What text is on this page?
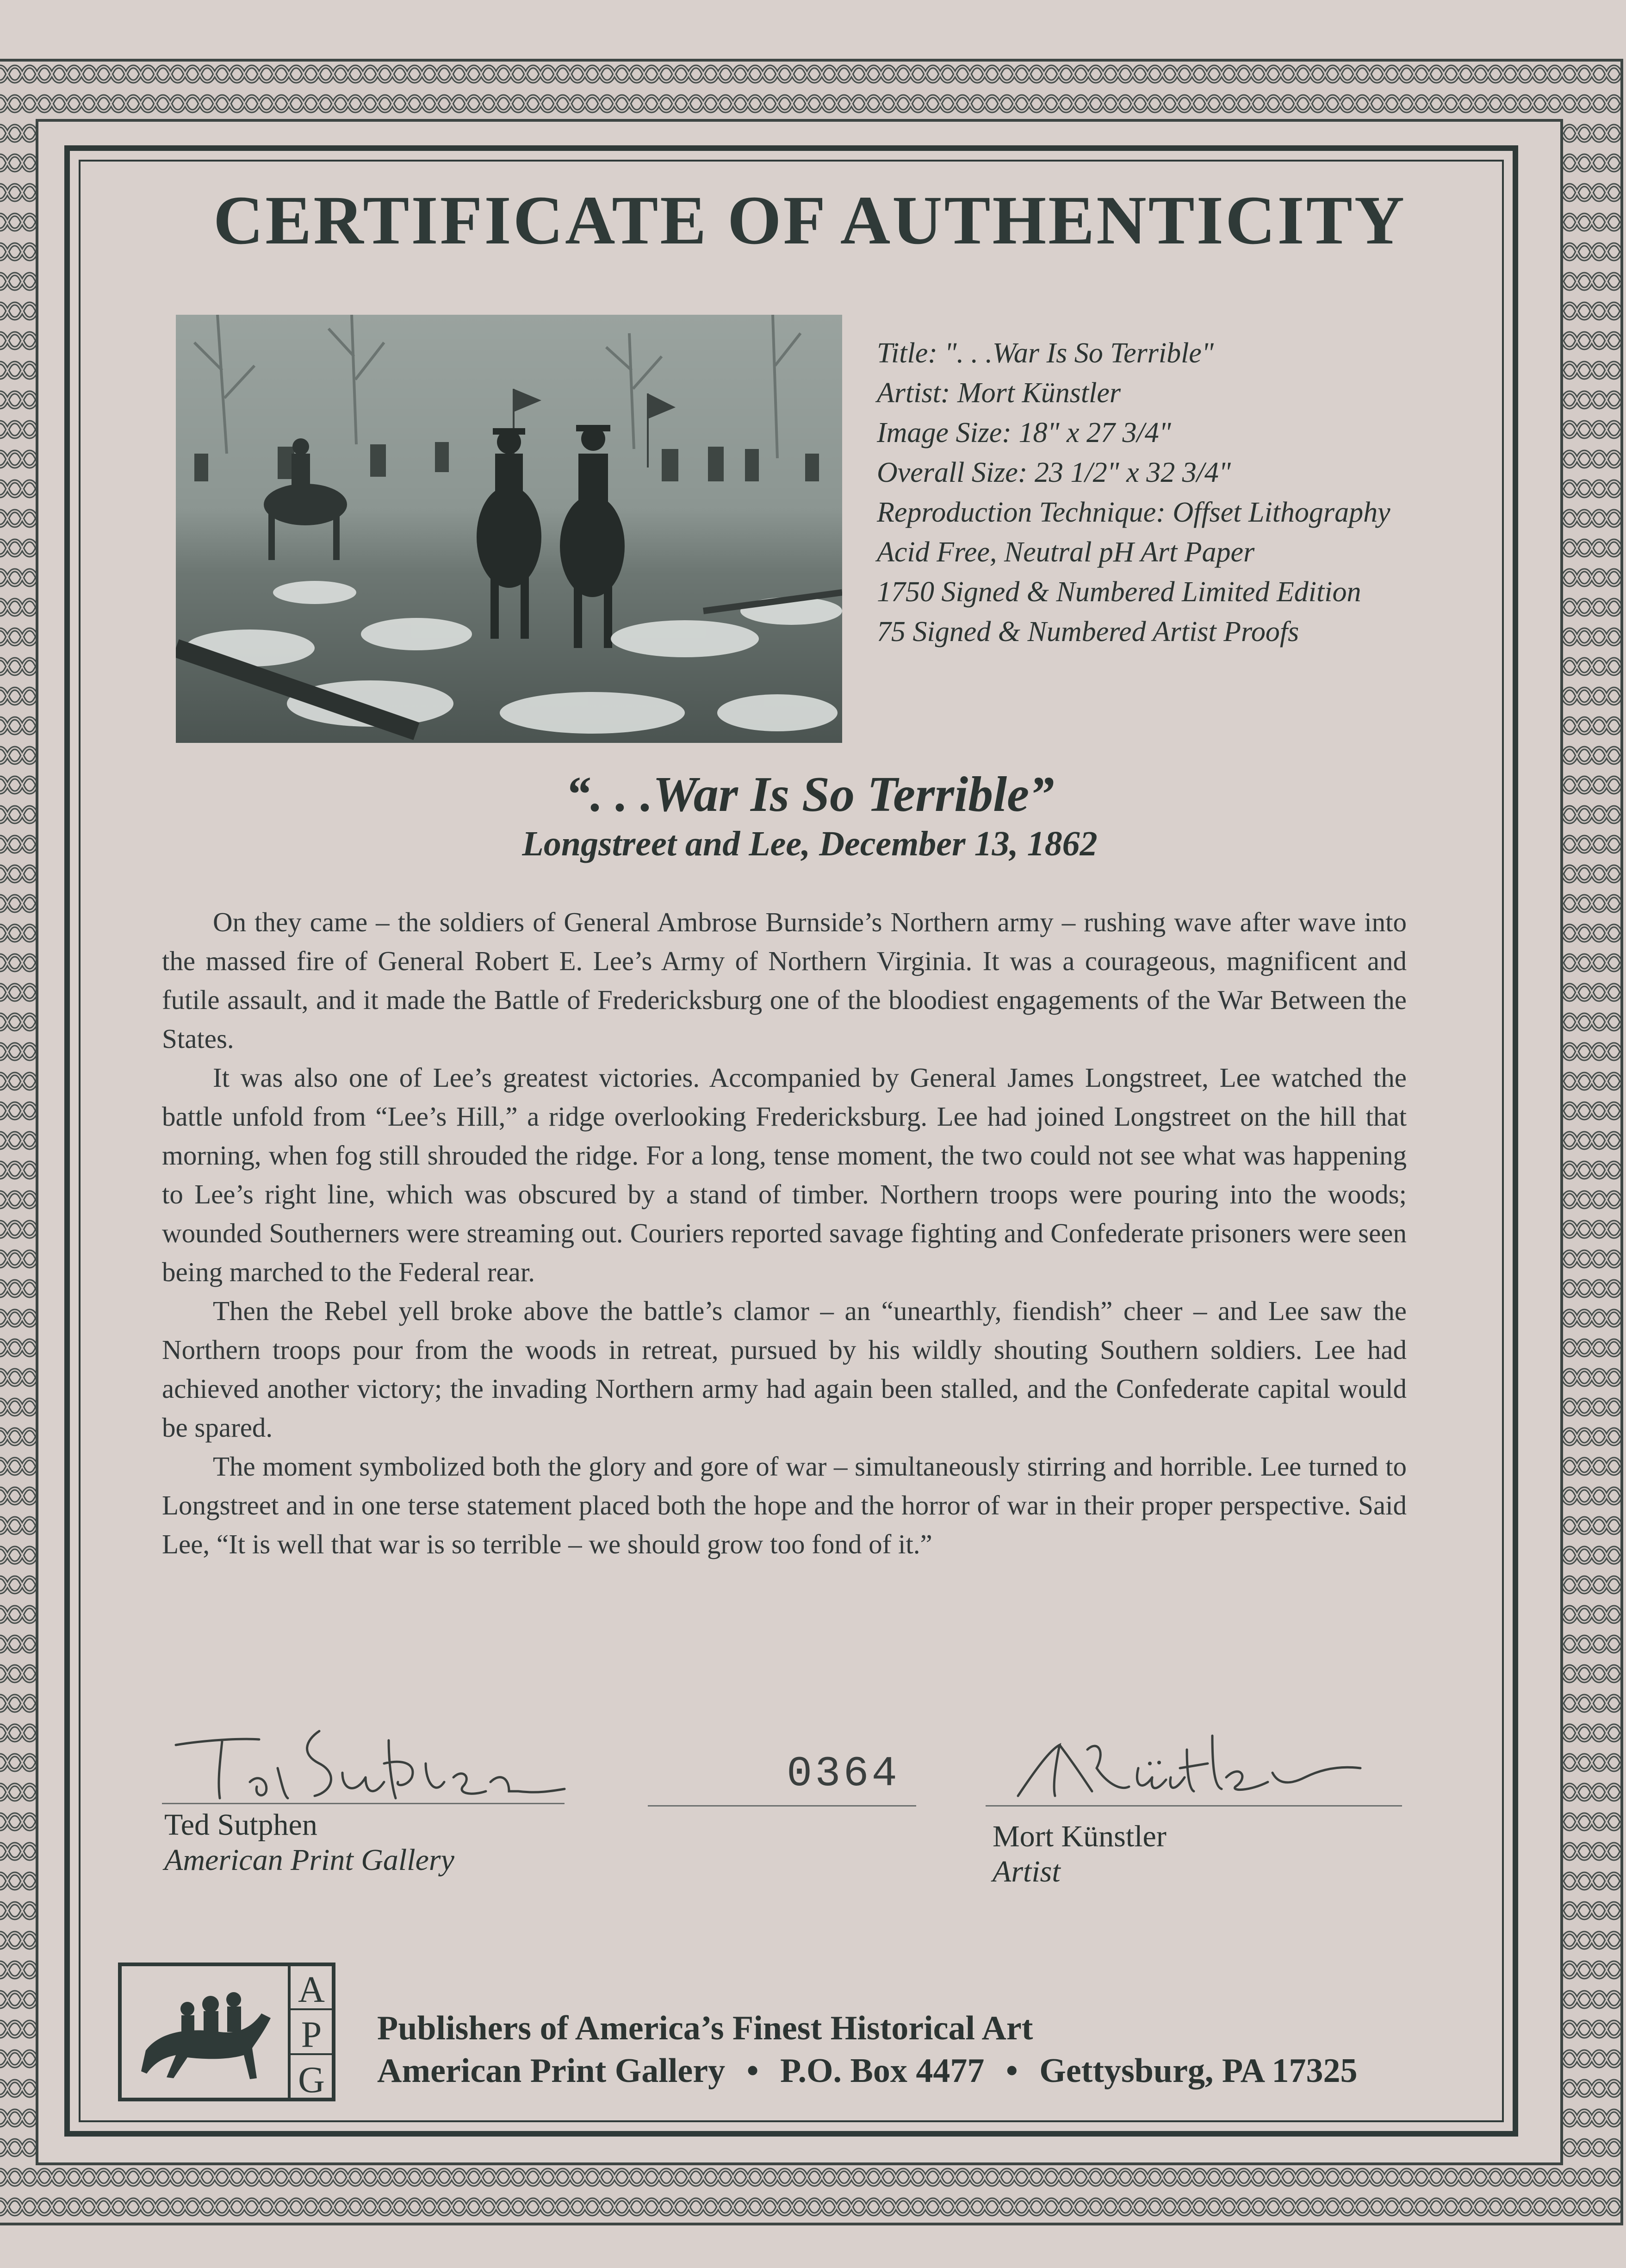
CERTIFICATE OF AUTHENTICITY
Title: ". . .War Is So Terrible"
Artist: Mort Künstler
Image Size: 18" x 27 3/4"
Overall Size: 23 1/2" x 32 3/4"
Reproduction Technique: Offset Lithography
Acid Free, Neutral pH Art Paper
1750 Signed & Numbered Limited Edition
75 Signed & Numbered Artist Proofs
“. . .War Is So Terrible”
Longstreet and Lee, December 13, 1862

On they came – the soldiers of General Ambrose Burnside’s Northern army – rushing wave after wave into the massed fire of General Robert E. Lee’s Army of Northern Virginia. It was a courageous, magnificent and futile assault, and it made the Battle of Fredericksburg one of the bloodiest engagements of the War Between the States.

It was also one of Lee’s greatest victories. Accompanied by General James Longstreet, Lee watched the battle unfold from “Lee’s Hill,” a ridge overlooking Fredericksburg. Lee had joined Longstreet on the hill that morning, when fog still shrouded the ridge. For a long, tense moment, the two could not see what was happening to Lee’s right line, which was obscured by a stand of timber. Northern troops were pouring into the woods; wounded Southerners were streaming out. Couriers reported savage fighting and Confederate prisoners were seen being marched to the Federal rear.

Then the Rebel yell broke above the battle’s clamor – an “unearthly, fiendish” cheer – and Lee saw the Northern troops pour from the woods in retreat, pursued by his wildly shouting Southern soldiers. Lee had achieved another victory; the invading Northern army had again been stalled, and the Confederate capital would be spared.

The moment symbolized both the glory and gore of war – simultaneously stirring and horrible. Lee turned to Longstreet and in one terse statement placed both the hope and the horror of war in their proper perspective. Said Lee, “It is well that war is so terrible – we should grow too fond of it.”

Ted Sutphen
American Print Gallery
0364
Mort Künstler
Artist
A
P
G
Publishers of America’s Finest Historical Art
American Print Gallery • P.O. Box 4477 • Gettysburg, PA 17325
